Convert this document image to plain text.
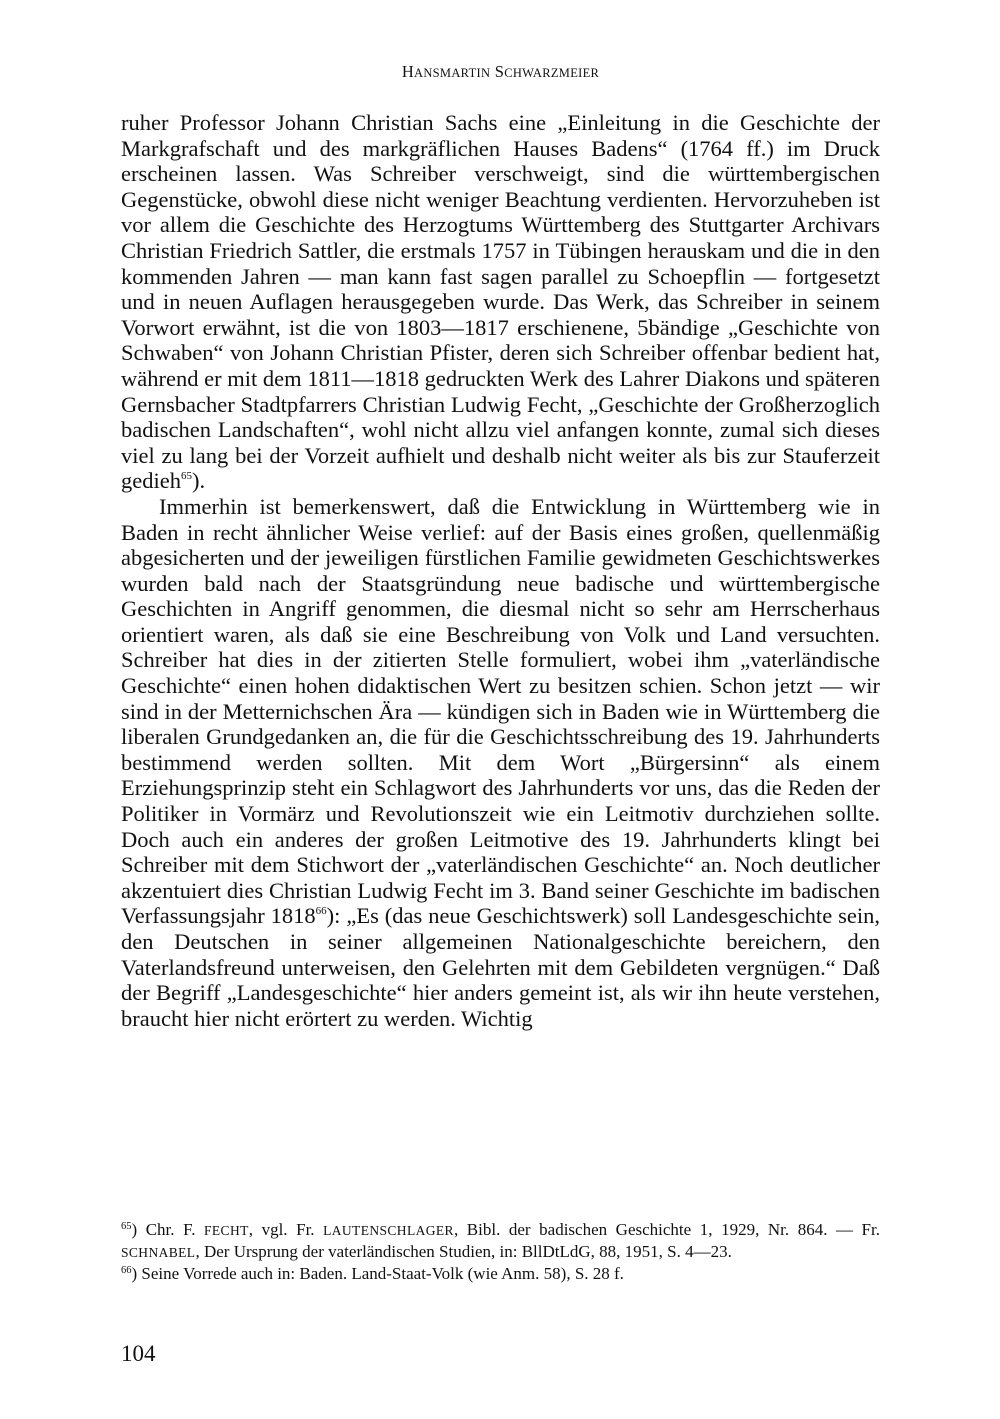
HANSMARTIN SCHWARZMEIER

ruher Professor Johann Christian Sachs eine „Einleitung in die Geschichte der Markgrafschaft und des markgräflichen Hauses Badens“ (1764 ff.) im Druck erscheinen lassen. Was Schreiber verschweigt, sind die württembergischen Gegenstücke, obwohl diese nicht weniger Beachtung verdienten. Hervorzuheben ist vor allem die Geschichte des Herzogtums Württemberg des Stuttgarter Archivars Christian Friedrich Sattler, die erstmals 1757 in Tübingen herauskam und die in den kommenden Jahren — man kann fast sagen parallel zu Schoepflin — fortgesetzt und in neuen Auflagen herausgegeben wurde. Das Werk, das Schreiber in seinem Vorwort erwähnt, ist die von 1803—1817 erschienene, 5bändige „Geschichte von Schwaben“ von Johann Christian Pfister, deren sich Schreiber offenbar bedient hat, während er mit dem 1811—1818 gedruckten Werk des Lahrer Diakons und späteren Gernsbacher Stadtpfarrers Christian Ludwig Fecht, „Geschichte der Großherzoglich badischen Landschaften“, wohl nicht allzu viel anfangen konnte, zumal sich dieses viel zu lang bei der Vorzeit aufhielt und deshalb nicht weiter als bis zur Stauferzeit gedieh$^{65}$).

Immerhin ist bemerkenswert, daß die Entwicklung in Württemberg wie in Baden in recht ähnlicher Weise verlief: auf der Basis eines großen, quellenmäßig abgesicherten und der jeweiligen fürstlichen Familie gewidmeten Geschichtswerkes wurden bald nach der Staatsgründung neue badische und württembergische Geschichten in Angriff genommen, die diesmal nicht so sehr am Herrscherhaus orientiert waren, als daß sie eine Beschreibung von Volk und Land versuchten. Schreiber hat dies in der zitierten Stelle formuliert, wobei ihm „vaterländische Geschichte“ einen hohen didaktischen Wert zu besitzen schien. Schon jetzt — wir sind in der Metternichschen Ära — kündigen sich in Baden wie in Württemberg die liberalen Grundgedanken an, die für die Geschichtsschreibung des 19. Jahrhunderts bestimmend werden sollten. Mit dem Wort „Bürgersinn“ als einem Erziehungsprinzip steht ein Schlagwort des Jahrhunderts vor uns, das die Reden der Politiker in Vormärz und Revolutionszeit wie ein Leitmotiv durchziehen sollte. Doch auch ein anderes der großen Leitmotive des 19. Jahrhunderts klingt bei Schreiber mit dem Stichwort der „vaterländischen Geschichte“ an. Noch deutlicher akzentuiert dies Christian Ludwig Fecht im 3. Band seiner Geschichte im badischen Verfassungsjahr 1818$^{66}$): „Es (das neue Geschichtswerk) soll Landesgeschichte sein, den Deutschen in seiner allgemeinen Nationalgeschichte bereichern, den Vaterlandsfreund unterweisen, den Gelehrten mit dem Gebildeten vergnügen.“ Daß der Begriff „Landesgeschichte“ hier anders gemeint ist, als wir ihn heute verstehen, braucht hier nicht erörtert zu werden. Wichtig

$^{65}$) Chr. F. FECHT, vgl. Fr. LAUTENSCHLAGER, Bibl. der badischen Geschichte 1, 1929, Nr. 864. — Fr. SCHNABEL, Der Ursprung der vaterländischen Studien, in: BllDtLdG, 88, 1951, S. 4—23.

$^{66}$) Seine Vorrede auch in: Baden. Land-Staat-Volk (wie Anm. 58), S. 28 f.

104
